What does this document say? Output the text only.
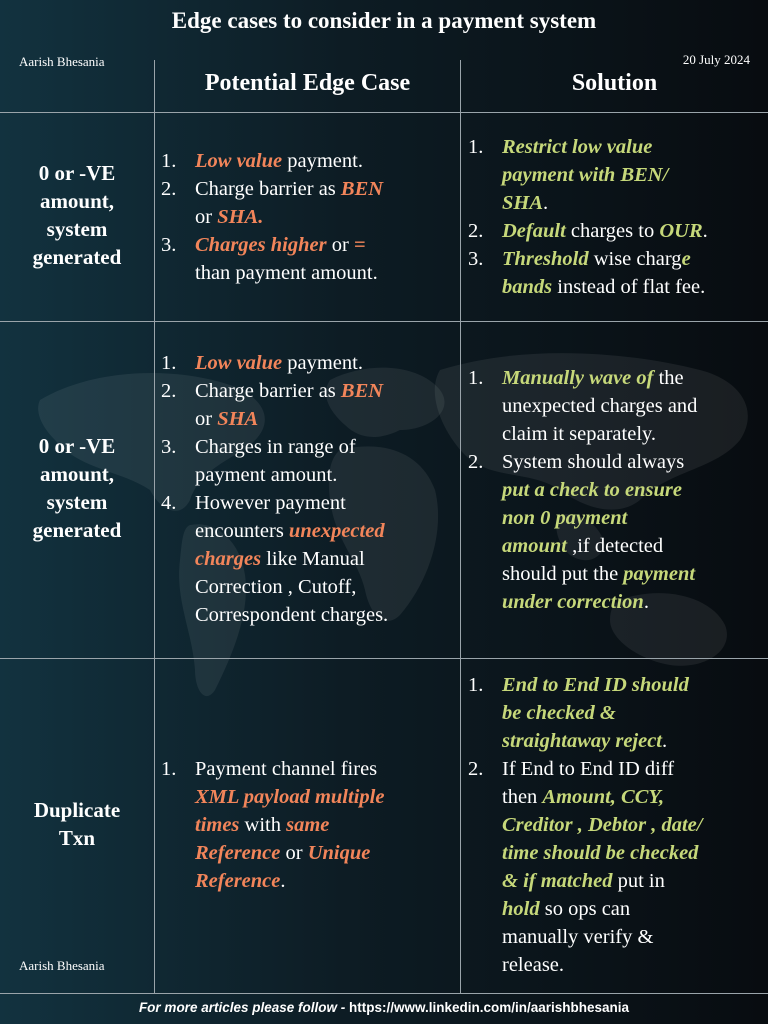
Edge cases to consider in a payment system
Aarish Bhesania	20 July 2024
Potential Edge Case	Solution
0 or -VE
amount,
system
generated
1. Low value payment.
2. Charge barrier as BEN
or SHA.
3. Charges higher or =
than payment amount.
1. Restrict low value
payment with BEN/
SHA.
2. Default charges to OUR.
3. Threshold wise charge
bands instead of flat fee.
0 or -VE
amount,
system
generated
1. Low value payment.
2. Charge barrier as BEN
or SHA
3. Charges in range of
payment amount.
4. However payment
encounters unexpected
charges like Manual
Correction , Cutoff,
Correspondent charges.
1. Manually wave of the
unexpected charges and
claim it separately.
2. System should always
put a check to ensure
non 0 payment
amount ,if detected
should put the payment
under correction.
Duplicate
Txn
1. Payment channel fires
XML payload multiple
times with same
Reference or Unique
Reference.
1. End to End ID should
be checked &
straightaway reject.
2. If End to End ID diff
then Amount, CCY,
Creditor , Debtor , date/
time should be checked
& if matched put in
hold so ops can
manually verify &
release.
Aarish Bhesania
For more articles please follow - https://www.linkedin.com/in/aarishbhesania
